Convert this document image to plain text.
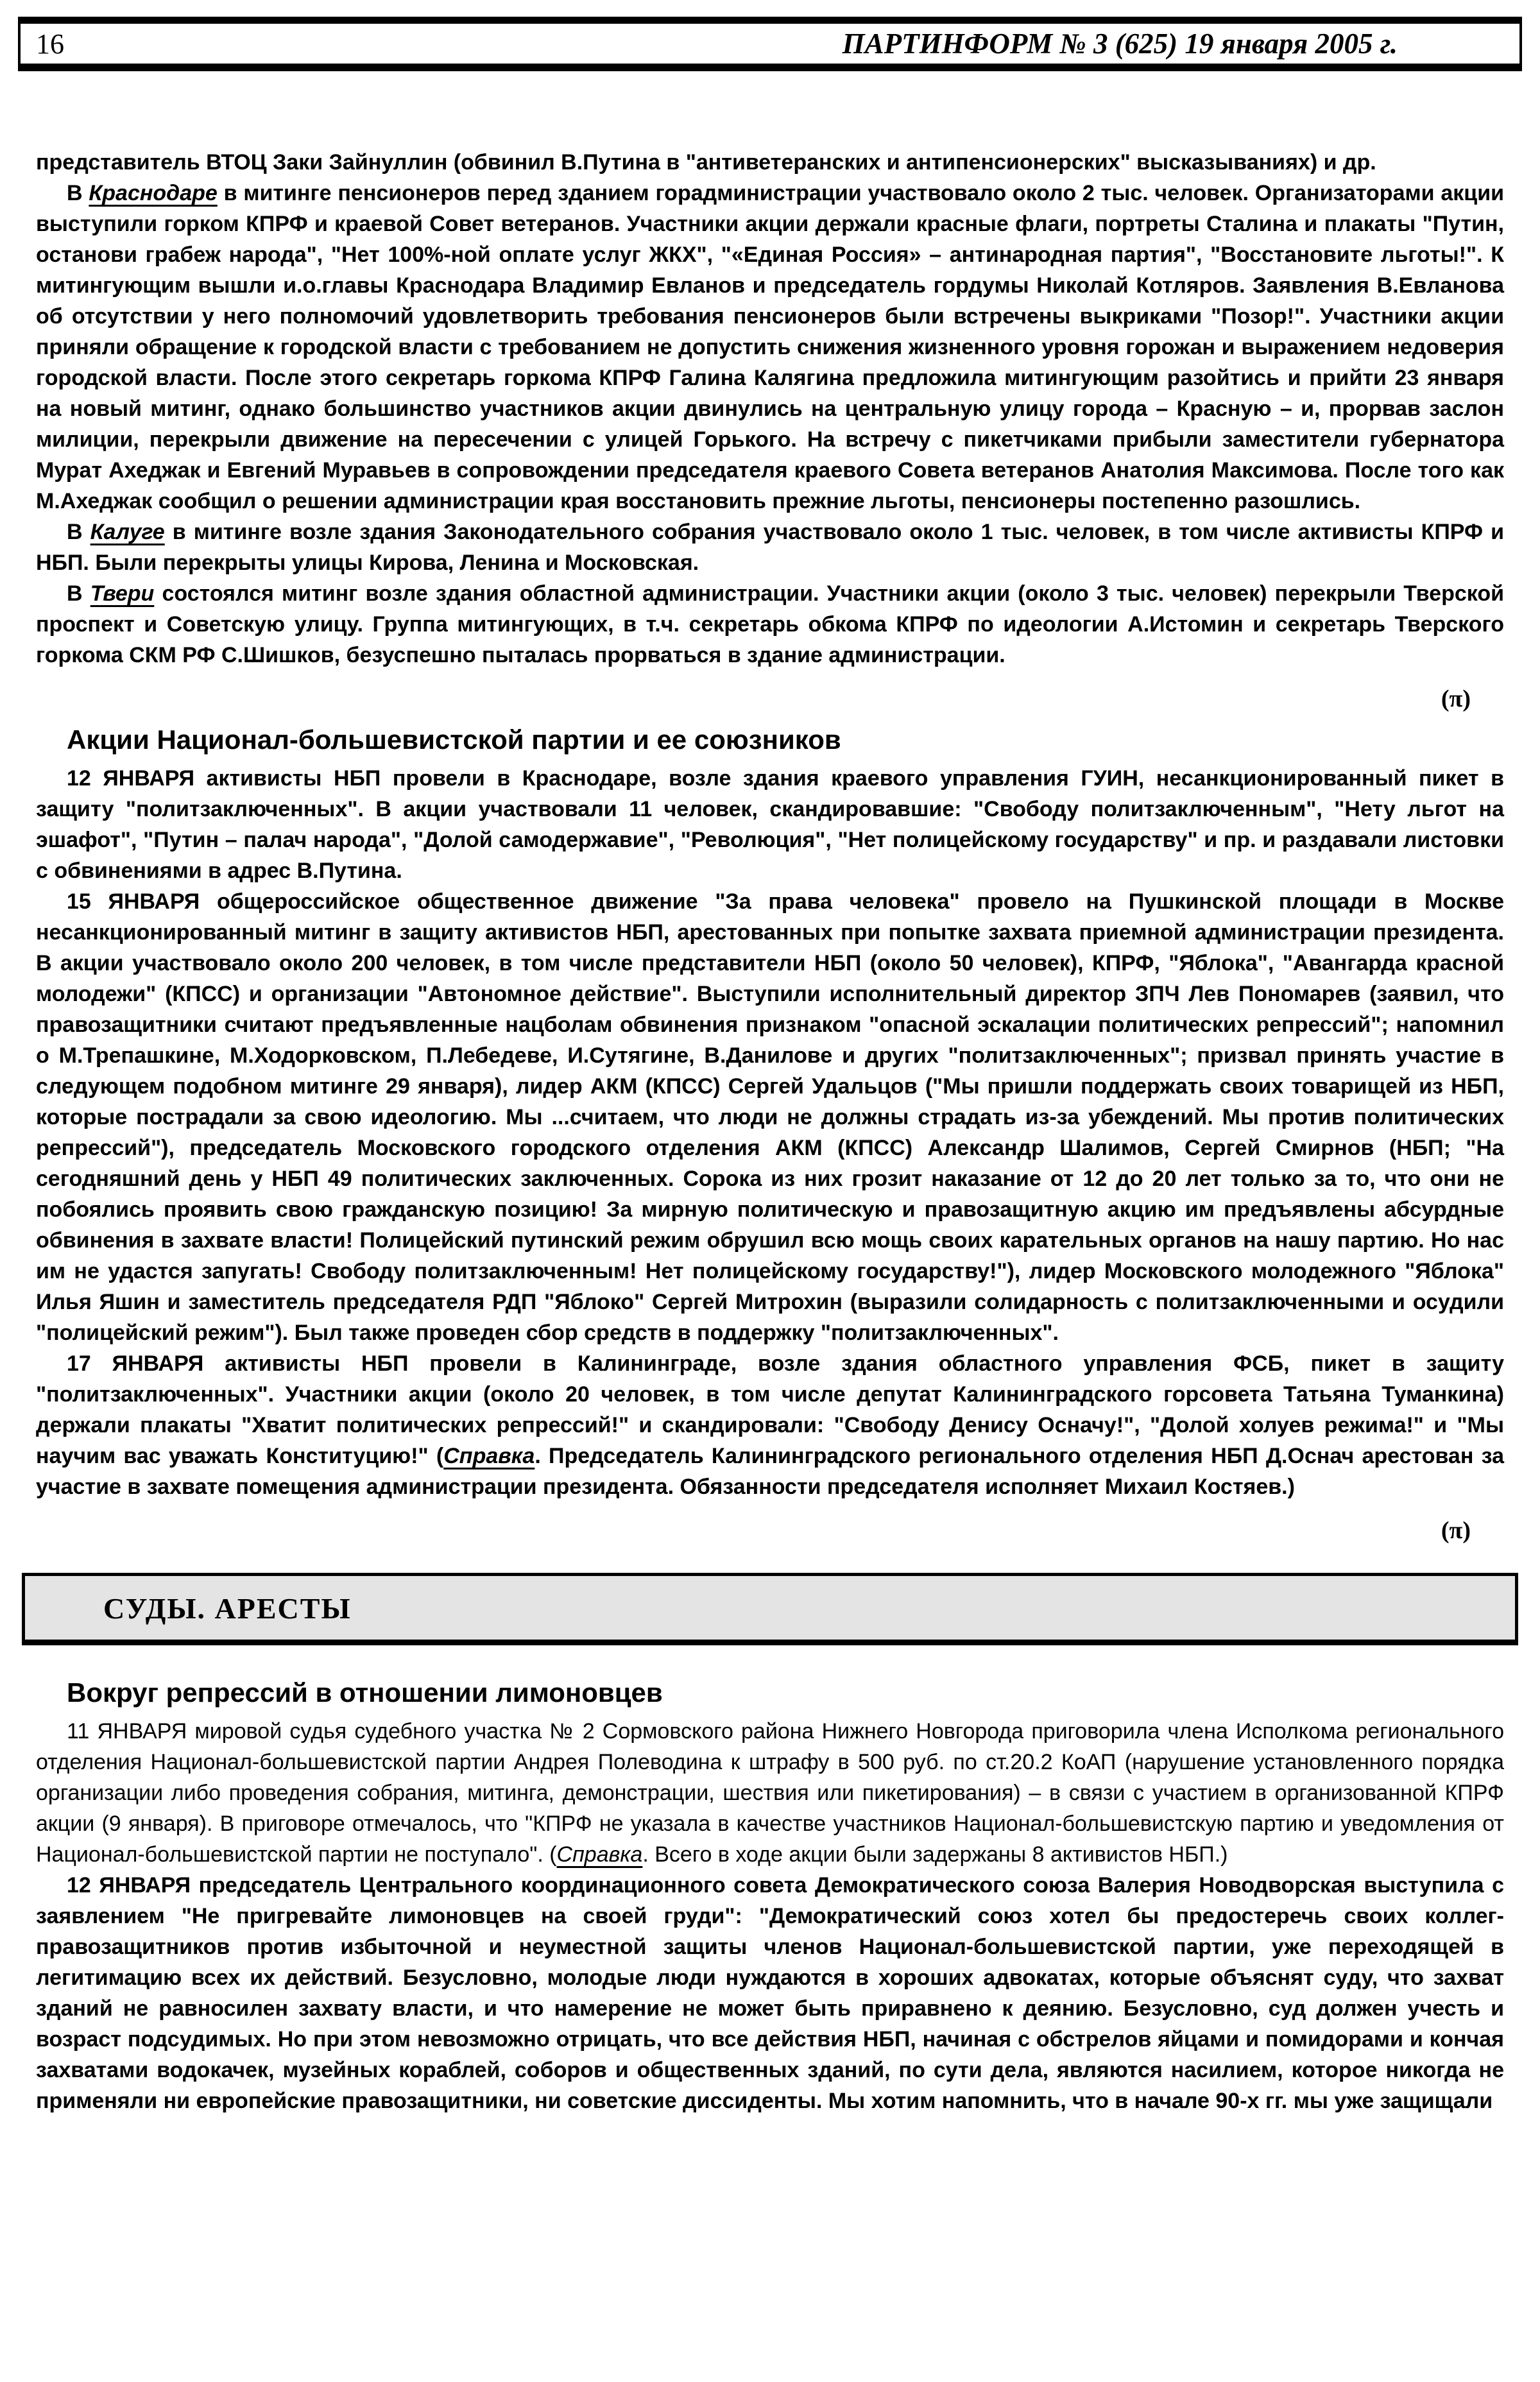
16	ПАРТИНФОРМ № 3 (625) 19 января 2005 г.

представитель ВТОЦ Заки Зайнуллин (обвинил В.Путина в "антиветеранских и антипенсионерских" высказываниях) и др.

В Краснодаре в митинге пенсионеров перед зданием горадминистрации участвовало около 2 тыс. человек. Организаторами акции выступили горком КПРФ и краевой Совет ветеранов. Участники акции держали красные флаги, портреты Сталина и плакаты "Путин, останови грабеж народа", "Нет 100%-ной оплате услуг ЖКХ", "«Единая Россия» – антинародная партия", "Восстановите льготы!". К митингующим вышли и.о.главы Краснодара Владимир Евланов и председатель гордумы Николай Котляров. Заявления В.Евланова об отсутствии у него полномочий удовлетворить требования пенсионеров были встречены выкриками "Позор!". Участники акции приняли обращение к городской власти с требованием не допустить снижения жизненного уровня горожан и выражением недоверия городской власти. После этого секретарь горкома КПРФ Галина Калягина предложила митингующим разойтись и прийти 23 января на новый митинг, однако большинство участников акции двинулись на центральную улицу города – Красную – и, прорвав заслон милиции, перекрыли движение на пересечении с улицей Горького. На встречу с пикетчиками прибыли заместители губернатора Мурат Ахеджак и Евгений Муравьев в сопровождении председателя краевого Совета ветеранов Анатолия Максимова. После того как М.Ахеджак сообщил о решении администрации края восстановить прежние льготы, пенсионеры постепенно разошлись.

В Калуге в митинге возле здания Законодательного собрания участвовало около 1 тыс. человек, в том числе активисты КПРФ и НБП. Были перекрыты улицы Кирова, Ленина и Московская.

В Твери состоялся митинг возле здания областной администрации. Участники акции (около 3 тыс. человек) перекрыли Тверской проспект и Советскую улицу. Группа митингующих, в т.ч. секретарь обкома КПРФ по идеологии А.Истомин и секретарь Тверского горкома СКМ РФ С.Шишков, безуспешно пыталась прорваться в здание администрации.

(π)

Акции Национал-большевистской партии и ее союзников

12 ЯНВАРЯ активисты НБП провели в Краснодаре, возле здания краевого управления ГУИН, несанкционированный пикет в защиту "политзаключенных". В акции участвовали 11 человек, скандировавшие: "Свободу политзаключенным", "Нету льгот на эшафот", "Путин – палач народа", "Долой самодержавие", "Революция", "Нет полицейскому государству" и пр. и раздавали листовки с обвинениями в адрес В.Путина.

15 ЯНВАРЯ общероссийское общественное движение "За права человека" провело на Пушкинской площади в Москве несанкционированный митинг в защиту активистов НБП, арестованных при попытке захвата приемной администрации президента. В акции участвовало около 200 человек, в том числе представители НБП (около 50 человек), КПРФ, "Яблока", "Авангарда красной молодежи" (КПСС) и организации "Автономное действие". Выступили исполнительный директор ЗПЧ Лев Пономарев (заявил, что правозащитники считают предъявленные нацболам обвинения признаком "опасной эскалации политических репрессий"; напомнил о М.Трепашкине, М.Ходорковском, П.Лебедеве, И.Сутягине, В.Данилове и других "политзаключенных"; призвал принять участие в следующем подобном митинге 29 января), лидер АКМ (КПСС) Сергей Удальцов ("Мы пришли поддержать своих товарищей из НБП, которые пострадали за свою идеологию. Мы ...считаем, что люди не должны страдать из-за убеждений. Мы против политических репрессий"), председатель Московского городского отделения АКМ (КПСС) Александр Шалимов, Сергей Смирнов (НБП; "На сегодняшний день у НБП 49 политических заключенных. Сорока из них грозит наказание от 12 до 20 лет только за то, что они не побоялись проявить свою гражданскую позицию! За мирную политическую и правозащитную акцию им предъявлены абсурдные обвинения в захвате власти! Полицейский путинский режим обрушил всю мощь своих карательных органов на нашу партию. Но нас им не удастся запугать! Свободу политзаключенным! Нет полицейскому государству!"), лидер Московского молодежного "Яблока" Илья Яшин и заместитель председателя РДП "Яблоко" Сергей Митрохин (выразили солидарность с политзаключенными и осудили "полицейский режим"). Был также проведен сбор средств в поддержку "политзаключенных".

17 ЯНВАРЯ активисты НБП провели в Калининграде, возле здания областного управления ФСБ, пикет в защиту "политзаключенных". Участники акции (около 20 человек, в том числе депутат Калининградского горсовета Татьяна Туманкина) держали плакаты "Хватит политических репрессий!" и скандировали: "Свободу Денису Осначу!", "Долой холуев режима!" и "Мы научим вас уважать Конституцию!" (Справка. Председатель Калининградского регионального отделения НБП Д.Оснач арестован за участие в захвате помещения администрации президента. Обязанности председателя исполняет Михаил Костяев.)

(π)

СУДЫ. АРЕСТЫ
Вокруг репрессий в отношении лимоновцев

11 ЯНВАРЯ мировой судья судебного участка № 2 Сормовского района Нижнего Новгорода приговорила члена Исполкома регионального отделения Национал-большевистской партии Андрея Полеводина к штрафу в 500 руб. по ст.20.2 КоАП (нарушение установленного порядка организации либо проведения собрания, митинга, демонстрации, шествия или пикетирования) – в связи с участием в организованной КПРФ акции (9 января). В приговоре отмечалось, что "КПРФ не указала в качестве участников Национал-большевистскую партию и уведомления от Национал-большевистской партии не поступало". (Справка. Всего в ходе акции были задержаны 8 активистов НБП.)

12 ЯНВАРЯ председатель Центрального координационного совета Демократического союза Валерия Новодворская выступила с заявлением "Не пригревайте лимоновцев на своей груди": "Демократический союз хотел бы предостеречь своих коллег-правозащитников против избыточной и неуместной защиты членов Национал-большевистской партии, уже переходящей в легитимацию всех их действий. Безусловно, молодые люди нуждаются в хороших адвокатах, которые объяснят суду, что захват зданий не равносилен захвату власти, и что намерение не может быть приравнено к деянию. Безусловно, суд должен учесть и возраст подсудимых. Но при этом невозможно отрицать, что все действия НБП, начиная с обстрелов яйцами и помидорами и кончая захватами водокачек, музейных кораблей, соборов и общественных зданий, по сути дела, являются насилием, которое никогда не применяли ни европейские правозащитники, ни советские диссиденты. Мы хотим напомнить, что в начале 90-х гг. мы уже защищали
